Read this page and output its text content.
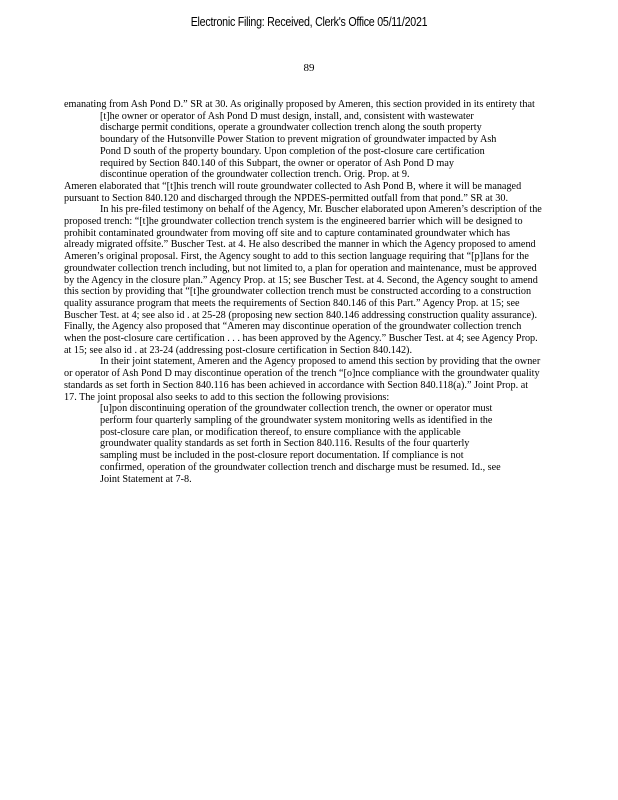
Electronic Filing: Received, Clerk's Office 05/11/2021
89

emanating from Ash Pond D.” SR at 30. As originally proposed by Ameren, this section provided in its entirety that

[t]he owner or operator of Ash Pond D must design, install, and, consistent with wastewater discharge permit conditions, operate a groundwater collection trench along the south property boundary of the Hutsonville Power Station to prevent migration of groundwater impacted by Ash Pond D south of the property boundary. Upon completion of the post-closure care certification required by Section 840.140 of this Subpart, the owner or operator of Ash Pond D may discontinue operation of the groundwater collection trench. Orig. Prop. at 9.

Ameren elaborated that “[t]his trench will route groundwater collected to Ash Pond B, where it will be managed pursuant to Section 840.120 and discharged through the NPDES-permitted outfall from that pond.” SR at 30.

In his pre-filed testimony on behalf of the Agency, Mr. Buscher elaborated upon Ameren’s description of the proposed trench: “[t]he groundwater collection trench system is the engineered barrier which will be designed to prohibit contaminated groundwater from moving off site and to capture contaminated groundwater which has already migrated offsite.” Buscher Test. at 4. He also described the manner in which the Agency proposed to amend Ameren’s original proposal. First, the Agency sought to add to this section language requiring that “[p]lans for the groundwater collection trench including, but not limited to, a plan for operation and maintenance, must be approved by the Agency in the closure plan.” Agency Prop. at 15; see Buscher Test. at 4. Second, the Agency sought to amend this section by providing that “[t]he groundwater collection trench must be constructed according to a construction quality assurance program that meets the requirements of Section 840.146 of this Part.” Agency Prop. at 15; see Buscher Test. at 4; see also id . at 25-28 (proposing new section 840.146 addressing construction quality assurance). Finally, the Agency also proposed that “Ameren may discontinue operation of the groundwater collection trench when the post-closure care certification . . . has been approved by the Agency.” Buscher Test. at 4; see Agency Prop. at 15; see also id . at 23-24 (addressing post-closure certification in Section 840.142).

In their joint statement, Ameren and the Agency proposed to amend this section by providing that the owner or operator of Ash Pond D may discontinue operation of the trench “[o]nce compliance with the groundwater quality standards as set forth in Section 840.116 has been achieved in accordance with Section 840.118(a).” Joint Prop. at 17. The joint proposal also seeks to add to this section the following provisions:

[u]pon discontinuing operation of the groundwater collection trench, the owner or operator must perform four quarterly sampling of the groundwater system monitoring wells as identified in the post-closure care plan, or modification thereof, to ensure compliance with the applicable groundwater quality standards as set forth in Section 840.116. Results of the four quarterly sampling must be included in the post-closure report documentation. If compliance is not confirmed, operation of the groundwater collection trench and discharge must be resumed. Id., see Joint Statement at 7-8.
